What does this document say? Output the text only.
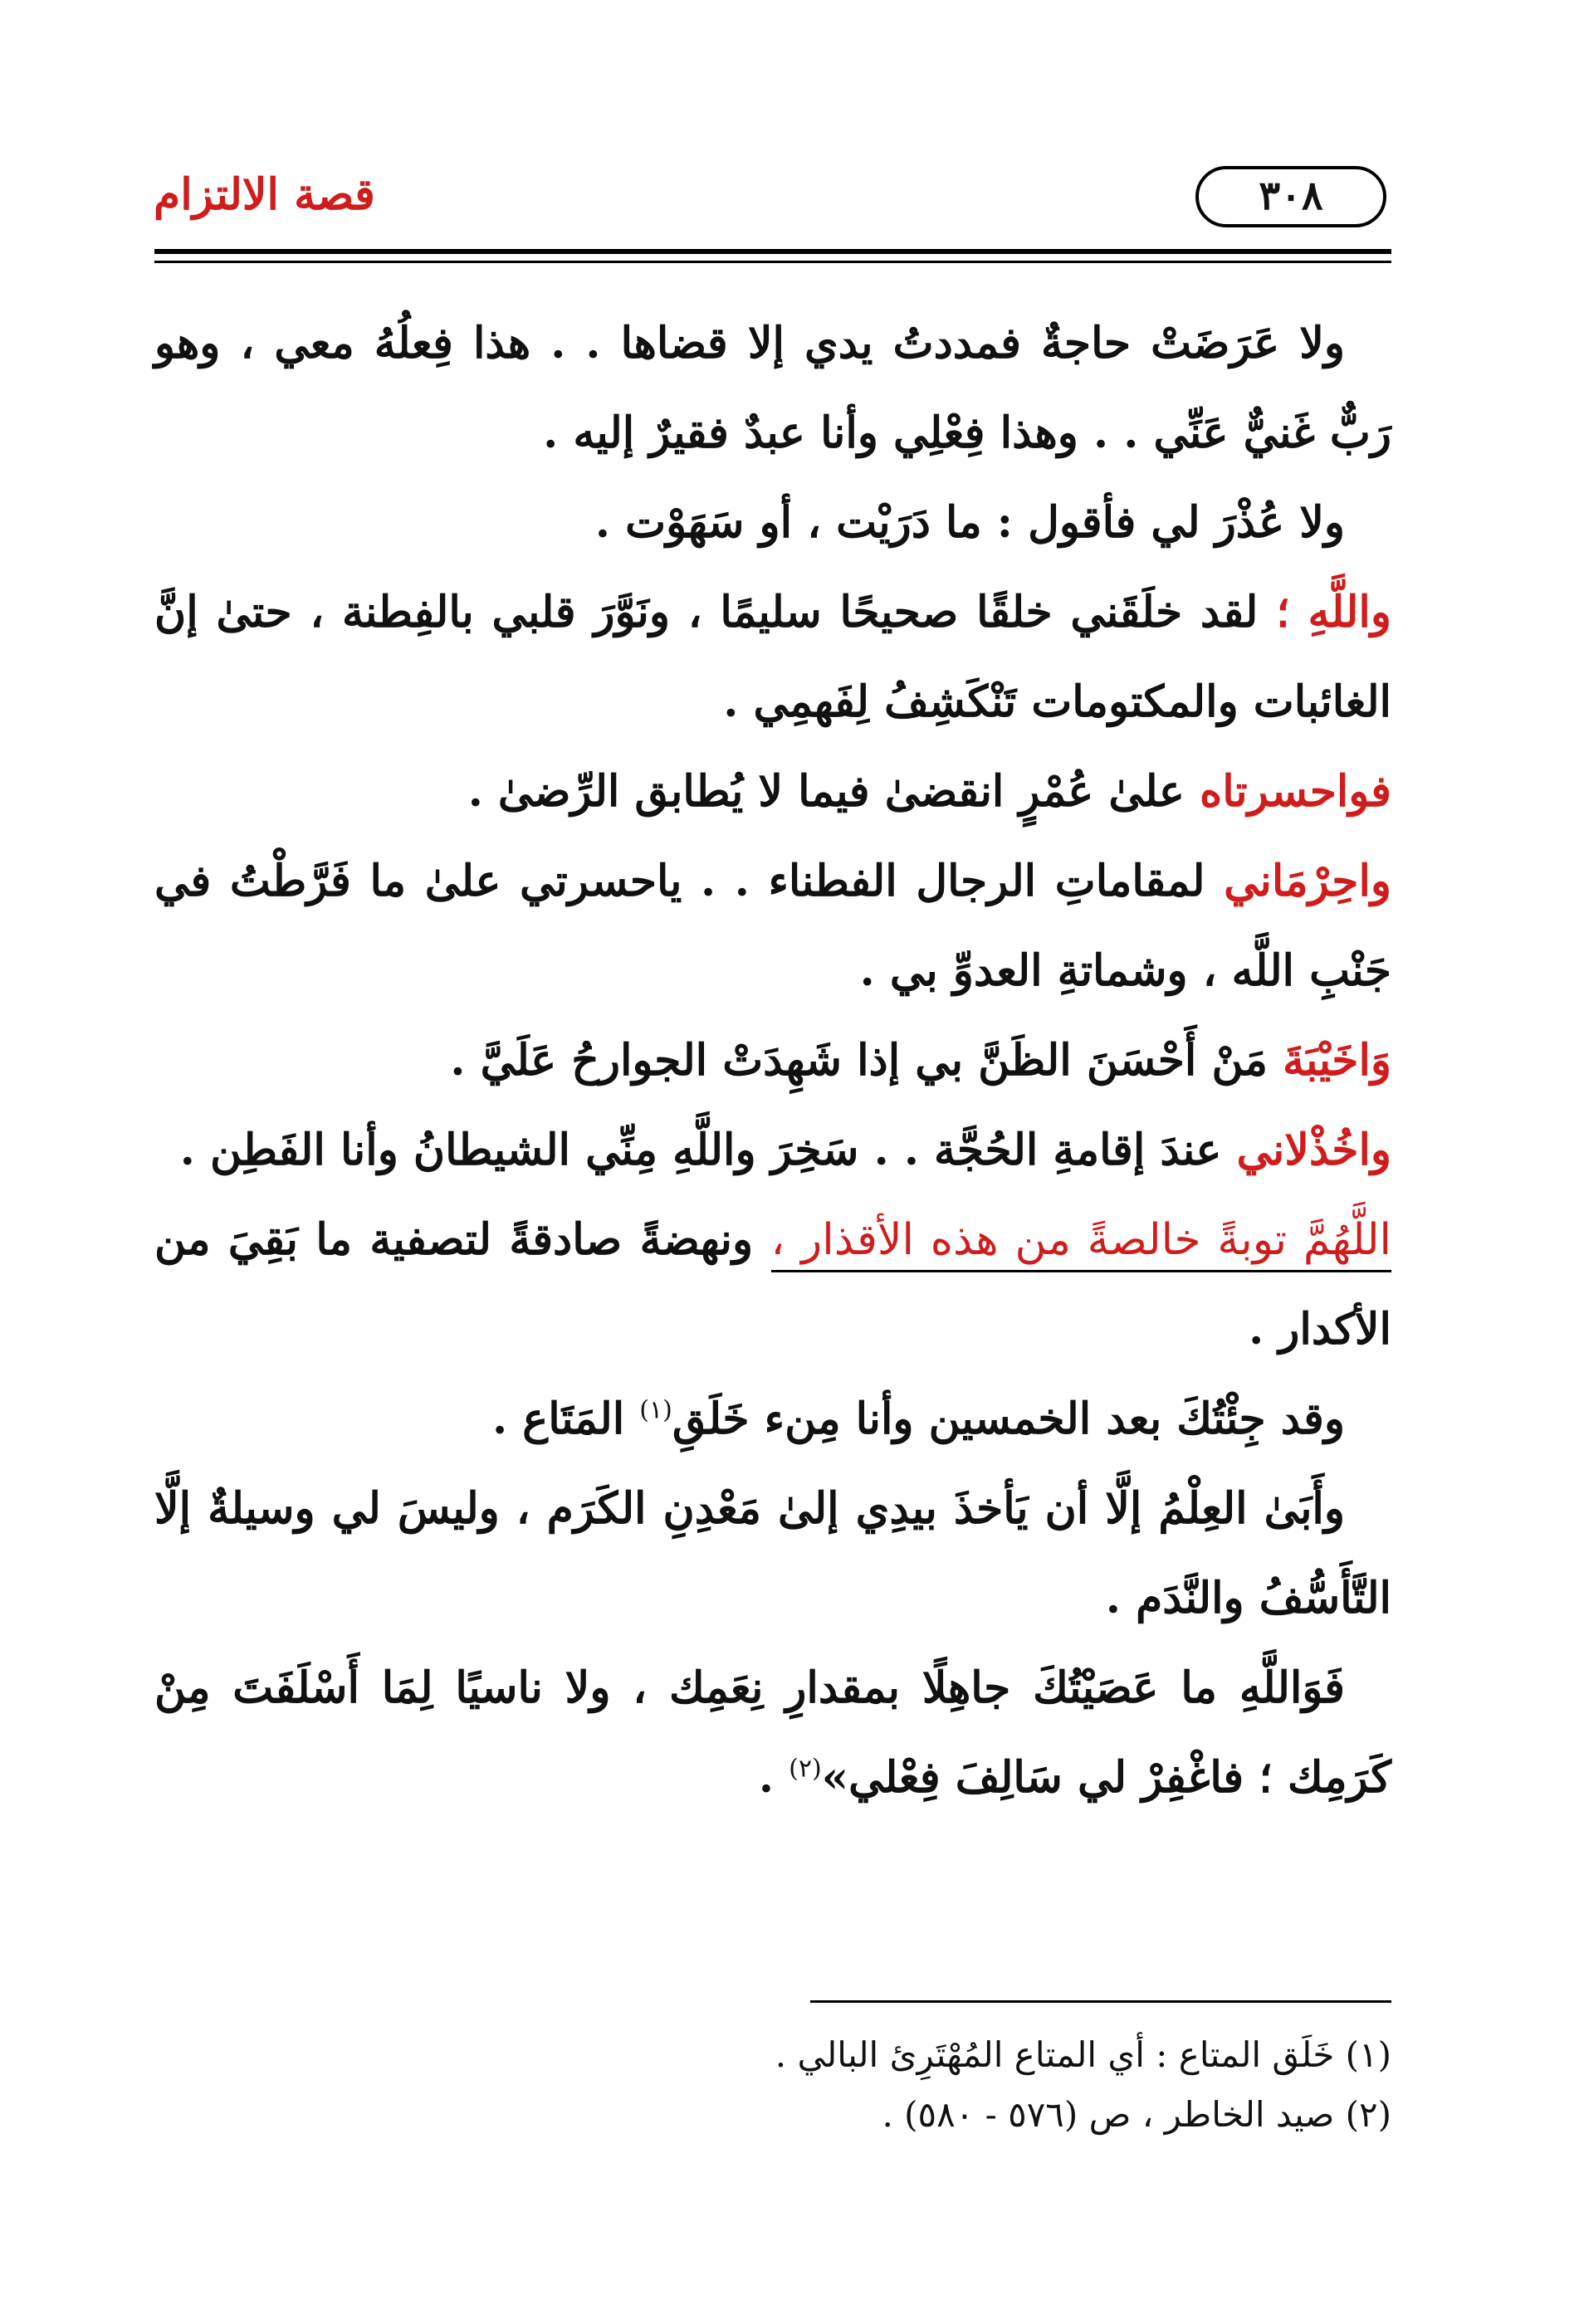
٣٠٨
قصة الالتزام

ولا عَرَضَتْ حاجةٌ فمددتُ يدي إلا قضاها . . هذا فِعلُهُ معي ، وهو رَبٌّ غَنيٌّ عَنِّي . . وهذا فِعْلِي وأنا عبدٌ فقيرٌ إليه .

ولا عُذْرَ لي فأقول : ما دَرَيْت ، أو سَهَوْت .

واللَّهِ ؛ لقد خلَقَني خلقًا صحيحًا سليمًا ، ونَوَّرَ قلبي بالفِطنة ، حتىٰ إنَّ الغائبات والمكتومات تَنْكَشِفُ لِفَهمِي .

فواحسرتاه علىٰ عُمْرٍ انقضىٰ فيما لا يُطابق الرِّضىٰ .

واحِرْمَاني لمقاماتِ الرجال الفطناء . . ياحسرتي علىٰ ما فَرَّطْتُ في جَنْبِ اللَّه ، وشماتةِ العدوِّ بي .

وَاخَيْبَةَ مَنْ أَحْسَنَ الظَنَّ بي إذا شَهِدَتْ الجوارحُ عَلَيَّ .

واخُذْلاني عندَ إقامةِ الحُجَّة . . سَخِرَ واللَّهِ مِنِّي الشيطانُ وأنا الفَطِن .

اللَّهُمَّ توبةً خالصةً من هذه الأقذار ، ونهضةً صادقةً لتصفية ما بَقِيَ من الأكدار .

وقد جِئْتُكَ بعد الخمسين وأنا مِنء خَلَقِ$^{(١)}$ المَتَاع .

وأَبَىٰ العِلْمُ إلَّا أن يَأخذَ بيدِي إلىٰ مَعْدِنِ الكَرَم ، وليسَ لي وسيلةٌ إلَّا التَّأَسُّفُ والنَّدَم .

فَوَاللَّهِ ما عَصَيْتُكَ جاهِلًا بمقدارِ نِعَمِك ، ولا ناسيًا لِمَا أَسْلَفَتَ مِنْ كَرَمِك ؛ فاغْفِرْ لي سَالِفَ فِعْلي»$^{(٢)}$ .

(١) خَلَق المتاع : أي المتاع المُهْتَرِئ البالي .

(٢) صيد الخاطر ، ص (٥٧٦ - ٥٨٠) .
